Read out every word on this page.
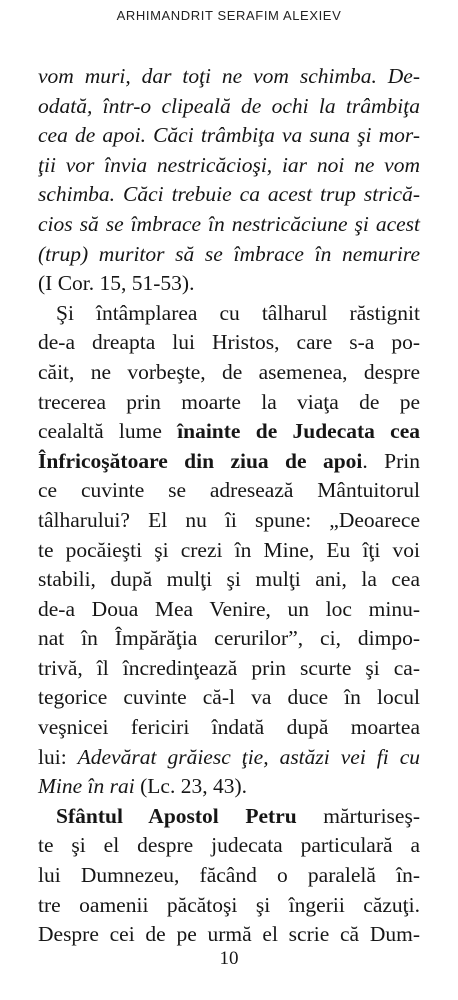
ARHIMANDRIT SERAFIM ALEXIEV

vom muri, dar toţi ne vom schimba. De-
odată, într-o clipeală de ochi la trâmbiţa
cea de apoi. Căci trâmbiţa va suna şi mor-
ţii vor învia nestricăcioşi, iar noi ne vom
schimba. Căci trebuie ca acest trup strică-
cios să se îmbrace în nestricăciune şi acest
(trup) muritor să se îmbrace în nemurire
(I Cor. 15, 51-53).

Şi întâmplarea cu tâlharul răstignit
de-a dreapta lui Hristos, care s-a po-
căit, ne vorbeşte, de asemenea, despre
trecerea prin moarte la viaţa de pe
cealaltă lume înainte de Judecata cea
Înfricoşătoare din ziua de apoi. Prin
ce cuvinte se adresează Mântuitorul
tâlharului? El nu îi spune: „Deoarece
te pocăieşti şi crezi în Mine, Eu îţi voi
stabili, după mulţi şi mulţi ani, la cea
de-a Doua Mea Venire, un loc minu-
nat în Împărăţia cerurilor”, ci, dimpo-
trivă, îl încredinţează prin scurte şi ca-
tegorice cuvinte că-l va duce în locul
veşnicei fericiri îndată după moartea
lui: Adevărat grăiesc ţie, astăzi vei fi cu
Mine în rai (Lc. 23, 43).

Sfântul Apostol Petru mărturiseş-
te şi el despre judecata particulară a
lui Dumnezeu, făcând o paralelă în-
tre oamenii păcătoşi şi îngerii căzuţi.
Despre cei de pe urmă el scrie că Dum-

10
